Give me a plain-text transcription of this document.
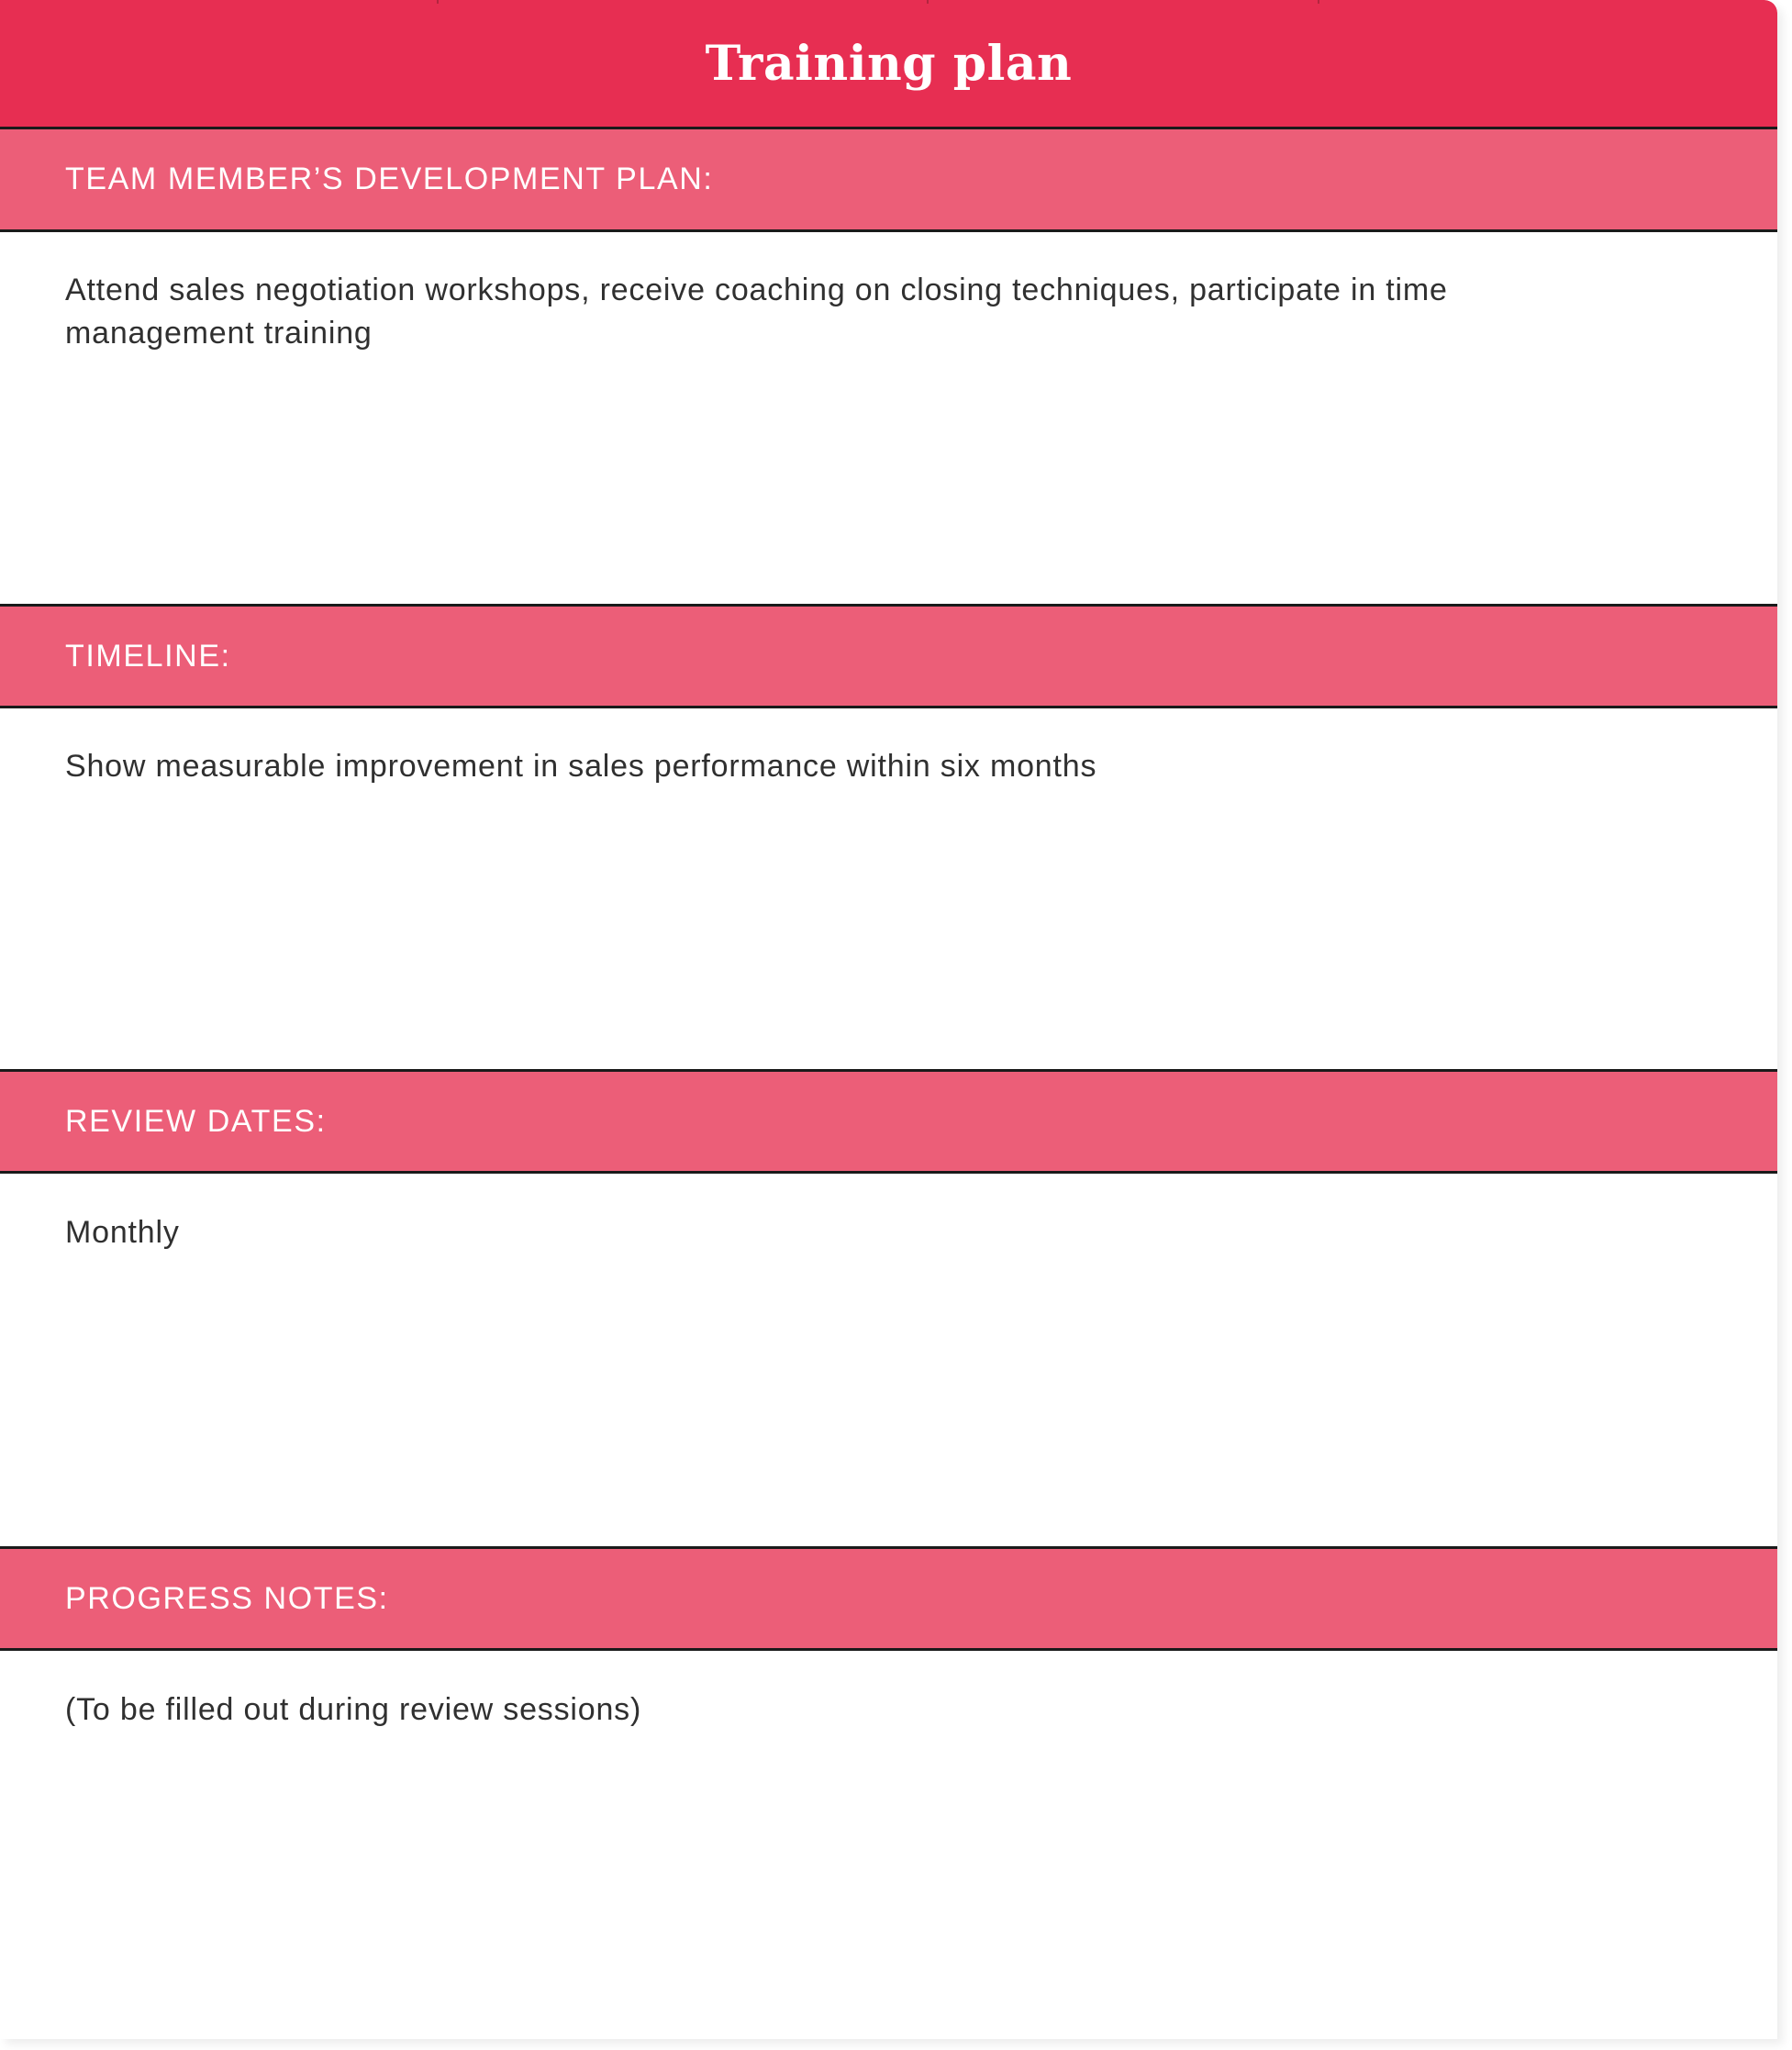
Training plan
TEAM MEMBER’S DEVELOPMENT PLAN:
Attend sales negotiation workshops, receive coaching on closing techniques, participate in time management training
TIMELINE:
Show measurable improvement in sales performance within six months
REVIEW DATES:
Monthly
PROGRESS NOTES:
(To be filled out during review sessions)
